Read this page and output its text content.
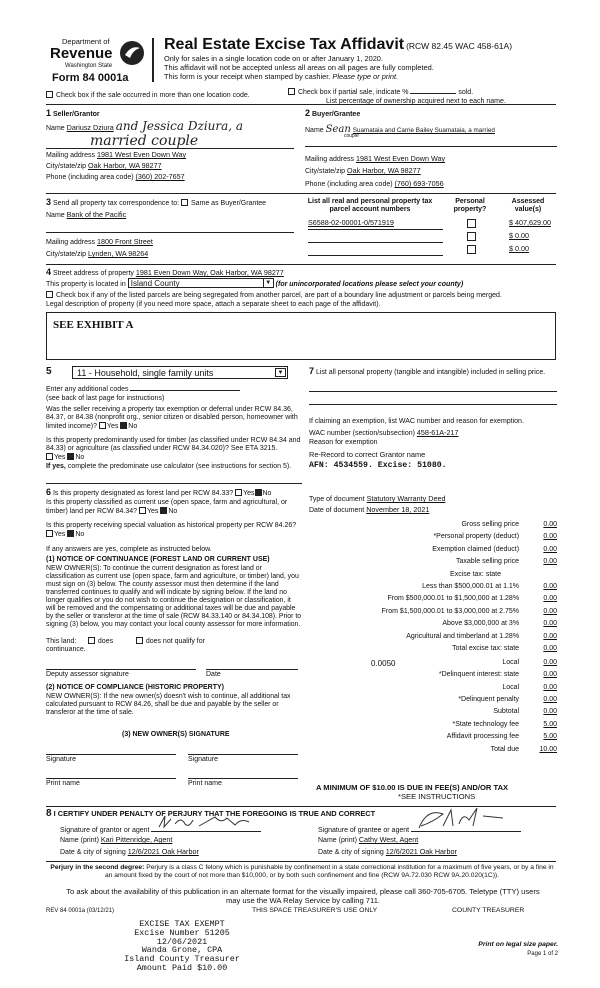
Department of
Revenue
Washington State
Form 84 0001a
Real Estate Excise Tax Affidavit (RCW 82.45 WAC 458-61A)
Only for sales in a single location code on or after January 1, 2020.
This affidavit will not be accepted unless all areas on all pages are fully completed.
This form is your receipt when stamped by cashier. Please type or print.
Check box if the sale occurred in more than one location code.	Check box if partial sale, indicate %	sold.
List percentage of ownership acquired next to each name.
1 Seller/Grantor
Name Dariusz Dziura and Jessica Dziura, a
married couple
Mailing address 1981 West Even Down Way
City/state/zip Oak Harbor, WA 98277
Phone (including area code) (360) 202-7657
2 Buyer/Grantee
Name Sean Suamataia and Carrie Bailey Suamataia, a married
couple
Mailing address 1981 West Even Down Way
City/state/zip Oak Harbor, WA 98277
Phone (including area code) (760) 693-7056
3 Send all property tax correspondence to: Same as Buyer/Grantee
Name Bank of the Pacific
Mailing address 1800 Front Street
City/state/zip Lynden, WA 98264
List all real and personal property tax
parcel account numbers
Personal
property?
Assessed
value(s)
S6588-02-00001-0/571919	$ 407,629.00
$ 0.00
$ 0.00
4 Street address of property 1981 Even Down Way, Oak Harbor, WA 98277
This property is located in Island County	▼ (for unincorporated locations please select your county)
Check box if any of the listed parcels are being segregated from another parcel, are part of a boundary line adjustment or parcels being merged.
Legal description of property (if you need more space, attach a separate sheet to each page of the affidavit).
SEE EXHIBIT A
5	11 - Household, single family units	▼
Enter any additional codes
(see back of last page for instructions)
Was the seller receiving a property tax exemption or deferral under RCW 84.36, 84.37, or 84.38 (nonprofit org., senior citizen or disabled person, homeowner with limited income)? Yes No
Is this property predominantly used for timber (as classified under RCW 84.34 and 84.33) or agriculture (as classified under RCW 84.34.020)? See ETA 3215. Yes No
If yes, complete the predominate use calculator (see instructions for section 5).
6 Is this property designated as forest land per RCW 84.33? Yes No
Is this property classified as current use (open space, farm and agricultural, or timber) land per RCW 84.34? Yes No
Is this property receiving special valuation as historical property per RCW 84.26? Yes No
If any answers are yes, complete as instructed below.
(1) NOTICE OF CONTINUANCE (FOREST LAND OR CURRENT USE)
NEW OWNER(S): To continue the current designation as forest land or classification as current use (open space, farm and agriculture, or timber) land, you must sign on (3) below. The county assessor must then determine if the land transferred continues to qualify and will indicate by signing below. If the land no longer qualifies or you do not wish to continue the designation or classification, it will be removed and the compensating or additional taxes will be due and payable by the seller or transferor at the time of sale (RCW 84.33.140 or 84.34.108). Prior to signing (3) below, you may contact your local county assessor for more information.
This land:	does	does not qualify for
continuance.
Deputy assessor signature	Date
(2) NOTICE OF COMPLIANCE (HISTORIC PROPERTY)
NEW OWNER(S): If the new owner(s) doesn't wish to continue, all additional tax calculated pursuant to RCW 84.26, shall be due and payable by the seller or transferor at the time of sale.
(3) NEW OWNER(S) SIGNATURE
Signature	Signature
Print name	Print name
7 List all personal property (tangible and intangible) included in selling price.
If claiming an exemption, list WAC number and reason for exemption.
WAC number (section/subsection) 458-61A-217
Reason for exemption
Re-Record to correct Grantor name
AFN: 4534559. Excise: 51080.
Type of document Statutory Warranty Deed
Date of document November 18, 2021
Gross selling price	0.00
*Personal property (deduct)	0.00
Exemption claimed (deduct)	0.00
Taxable selling price	0.00
Excise tax: state
Less than $500,000.01 at 1.1%	0.00
From $500,000.01 to $1,500,000 at 1.28%	0.00
From $1,500,000.01 to $3,000,000 at 2.75%	0.00
Above $3,000,000 at 3%	0.00
Agricultural and timberland at 1.28%	0.00
Total excise tax: state	0.00
0.0050	Local	0.00
*Delinquent interest: state	0.00
Local	0.00
*Delinquent penalty	0.00
Subtotal	0.00
*State technology fee	5.00
Affidavit processing fee	5.00
Total due	10.00
A MINIMUM OF $10.00 IS DUE IN FEE(S) AND/OR TAX
*SEE INSTRUCTIONS
8 I CERTIFY UNDER PENALTY OF PERJURY THAT THE FOREGOING IS TRUE AND CORRECT
Signature of grantor or agent
Name (print) Kari Pittenridge, Agent
Date & city of signing 12/6/2021 Oak Harbor
Signature of grantee or agent
Name (print) Cathy West, Agent
Date & city of signing 12/6/2021 Oak Harbor
Perjury in the second degree: Perjury is a class C felony which is punishable by confinement in a state correctional institution for a maximum of five years, or by a fine in an amount fixed by the court of not more than $10,000, or by both such confinement and fine (RCW 9A.72.030 RCW 9A.20.020(1C)).
To ask about the availability of this publication in an alternate format for the visually impaired, please call 360-705-6705. Teletype (TTY) users may use the WA Relay Service by calling 711.
REV 84 0001a (03/12/21)	THIS SPACE TREASURER'S USE ONLY	COUNTY TREASURER
EXCISE TAX EXEMPT
Excise Number 51205
12/06/2021
Wanda Grone, CPA
Island County Treasurer
Amount Paid $10.00
Print on legal size paper.
Page 1 of 2
